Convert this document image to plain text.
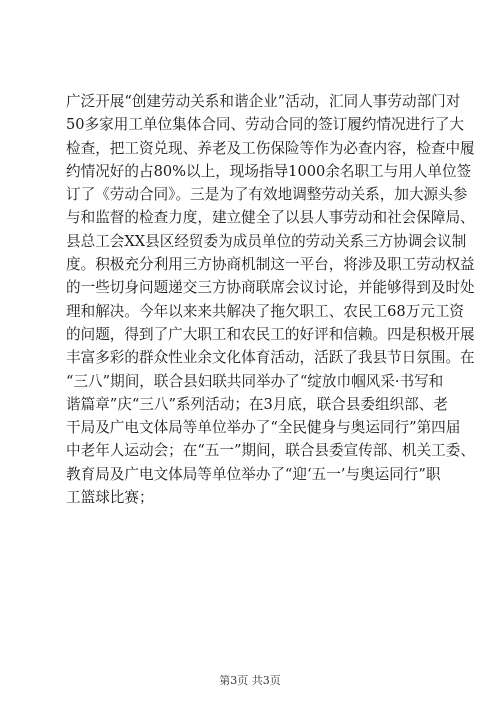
广泛开展“创建劳动关系和谐企业”活动，汇同人事劳动部门对
50多家用工单位集体合同、劳动合同的签订履约情况进行了大
检查，把工资兑现、养老及工伤保险等作为必查内容，检查中履
约情况好的占80%以上，现场指导1000余名职工与用人单位签
订了《劳动合同》。三是为了有效地调整劳动关系，加大源头参
与和监督的检查力度，建立健全了以县人事劳动和社会保障局、
县总工会XX县区经贸委为成员单位的劳动关系三方协调会议制
度。积极充分利用三方协商机制这一平台，将涉及职工劳动权益
的一些切身问题递交三方协商联席会议讨论，并能够得到及时处
理和解决。今年以来来共解决了拖欠职工、农民工68万元工资
的问题，得到了广大职工和农民工的好评和信赖。四是积极开展
丰富多彩的群众性业余文化体育活动，活跃了我县节日氛围。在
“三八”期间，联合县妇联共同举办了“绽放巾帼风采·书写和
谐篇章”庆“三八”系列活动；在3月底，联合县委组织部、老
干局及广电文体局等单位举办了“全民健身与奥运同行”第四届
中老年人运动会；在“五一”期间，联合县委宣传部、机关工委、
教育局及广电文体局等单位举办了“迎‘五一’与奥运同行”职
工篮球比赛；
第3页 共3页
